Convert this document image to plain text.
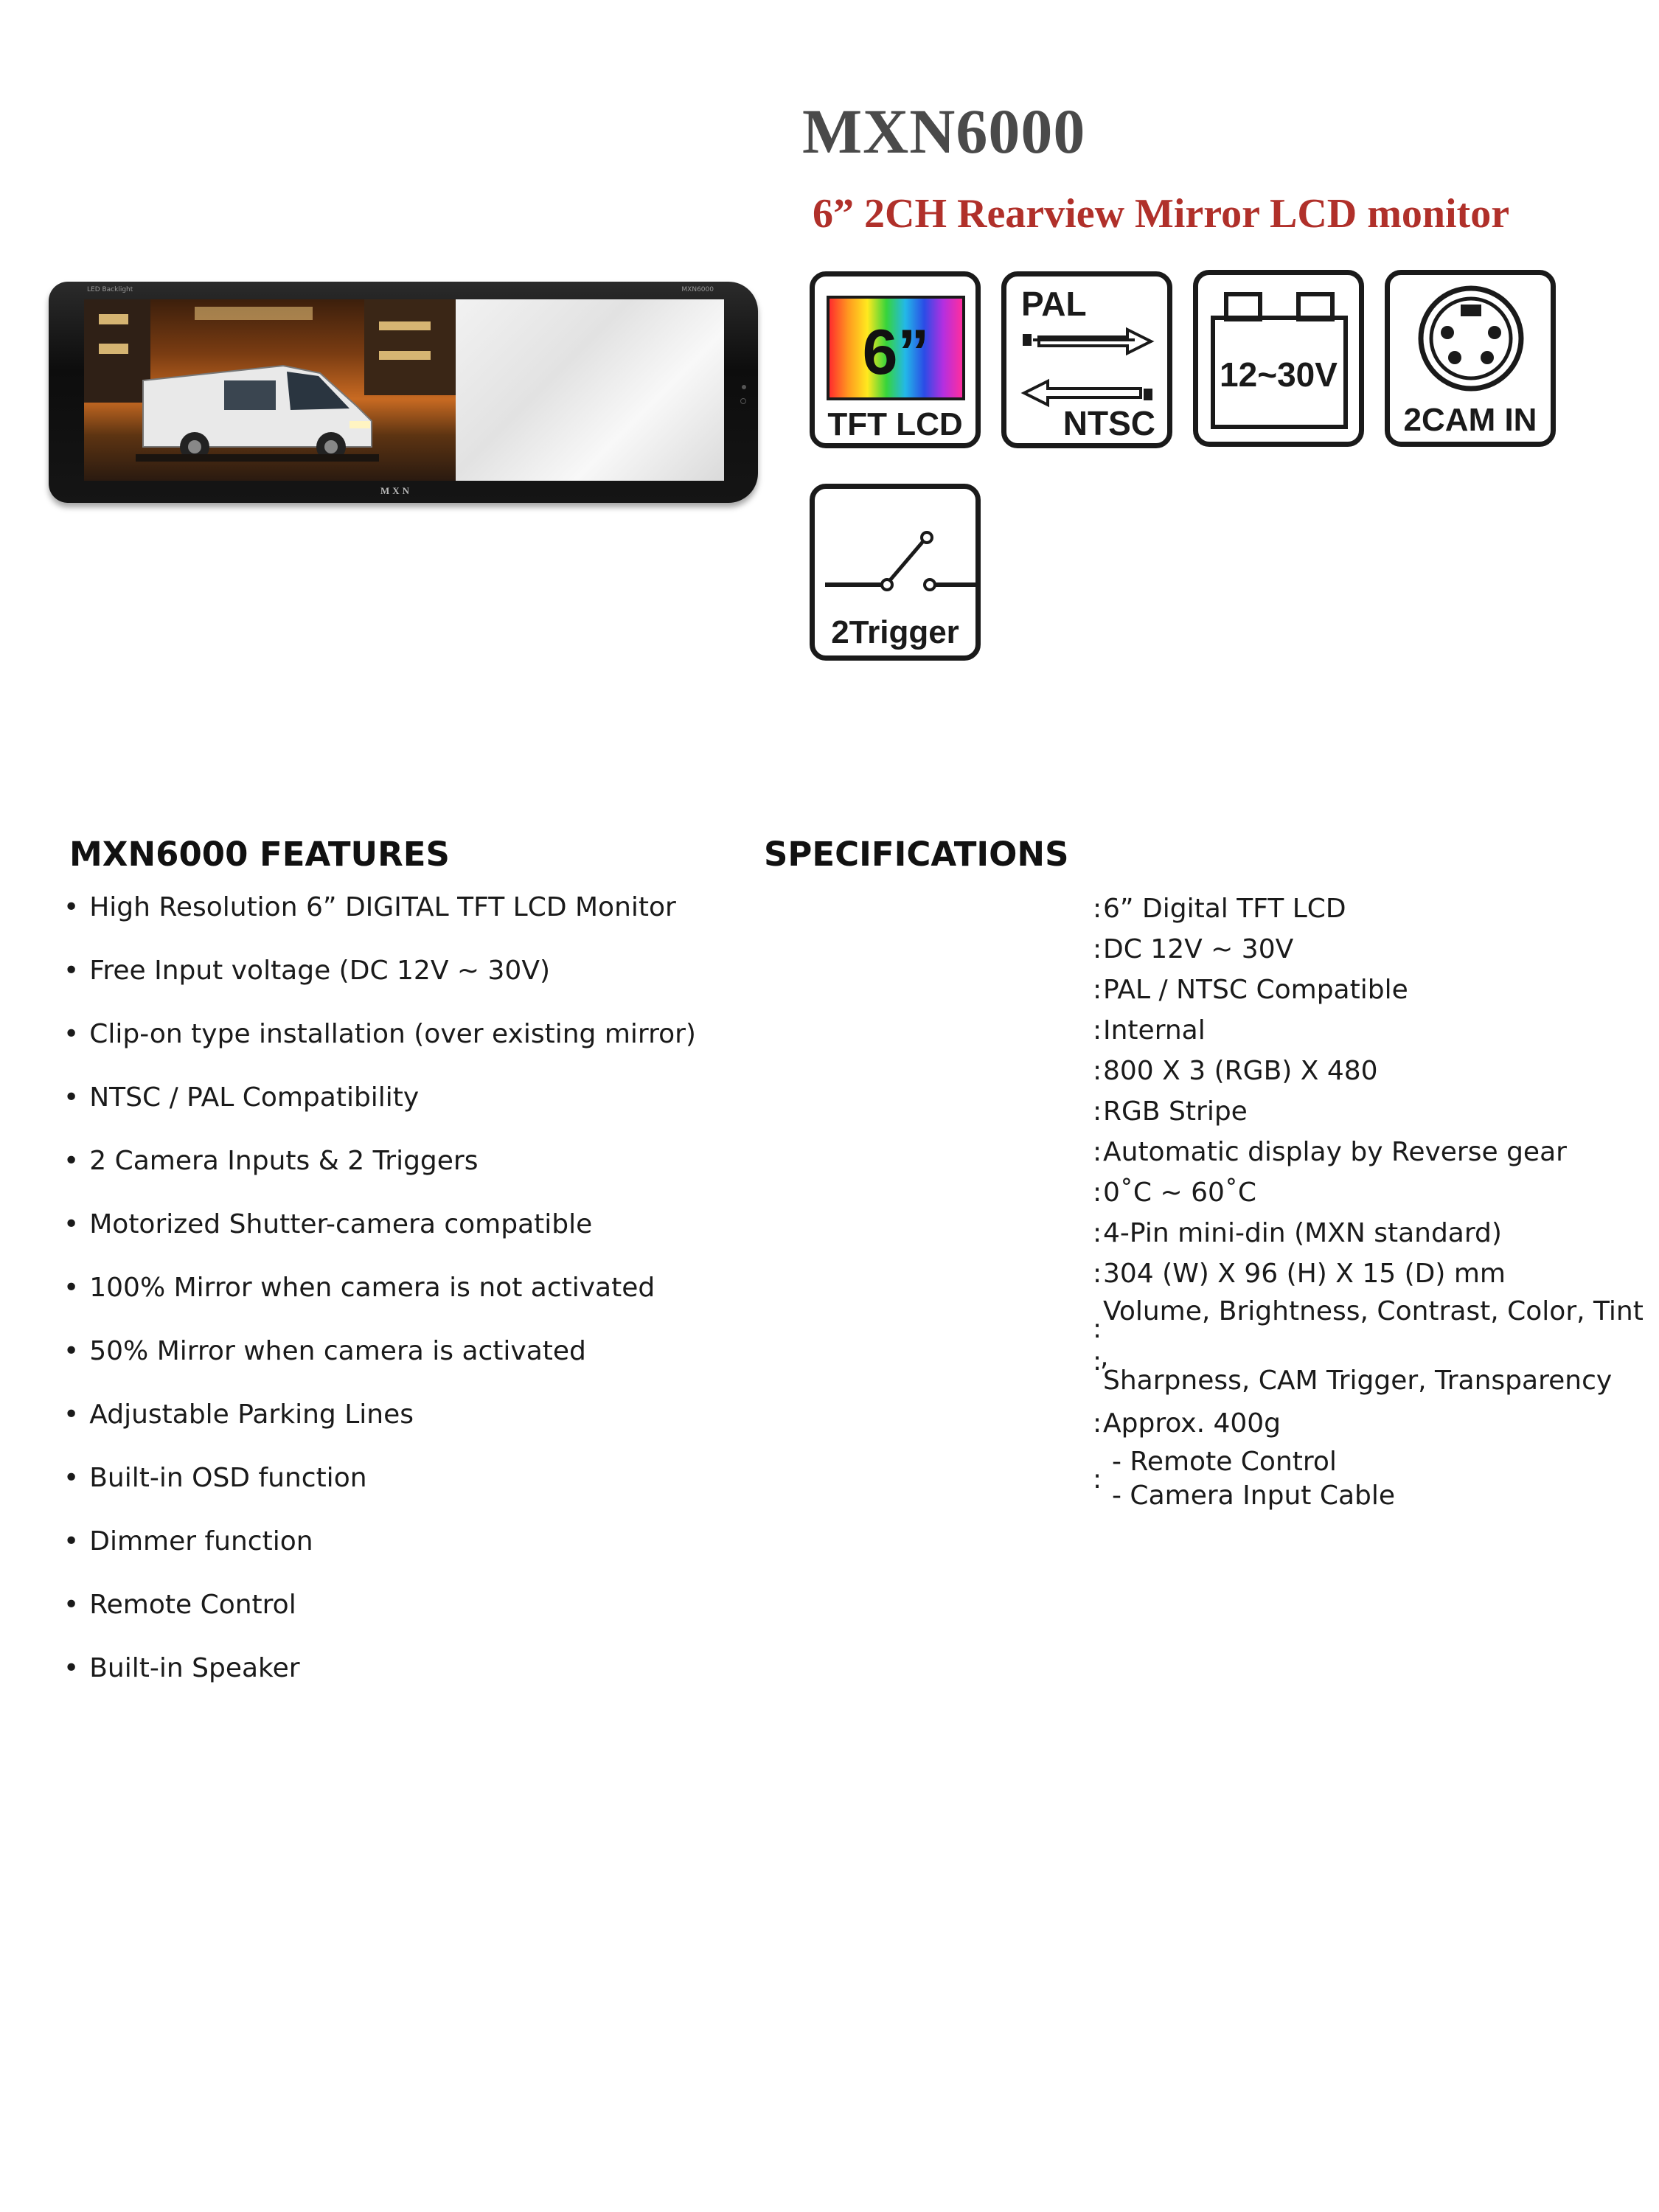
MXN6000
6” 2CH Rearview Mirror LCD monitor
LED Backlight	MXN6000
MXN
6”
TFT LCD
PAL
NTSC
12~30V
2CAM IN
2Trigger
MXN6000 FEATURES
• High Resolution 6” DIGITAL TFT LCD Monitor
• Free Input voltage (DC 12V ~ 30V)
• Clip-on type installation (over existing mirror)
• NTSC / PAL Compatibility
• 2 Camera Inputs & 2 Triggers
• Motorized Shutter-camera compatible
• 100% Mirror when camera is not activated
• 50% Mirror when camera is activated
• Adjustable Parking Lines
• Built-in OSD function
• Dimmer function
• Remote Control
• Built-in Speaker
SPECIFICATIONS
: 6” Digital TFT LCD
: DC 12V ~ 30V
: PAL / NTSC Compatible
: Internal
: 800 X 3 (RGB) X 480
: RGB Stripe
: Automatic display by Reverse gear
: 0˚C ~ 60˚C
: 4-Pin mini-din (MXN standard)
: 304 (W) X 96 (H) X 15 (D) mm
Volume, Brightness, Contrast, Color, Tint
:
:
,
Sharpness, CAM Trigger, Transparency
: Approx. 400g
- Remote Control
:
- Camera Input Cable
